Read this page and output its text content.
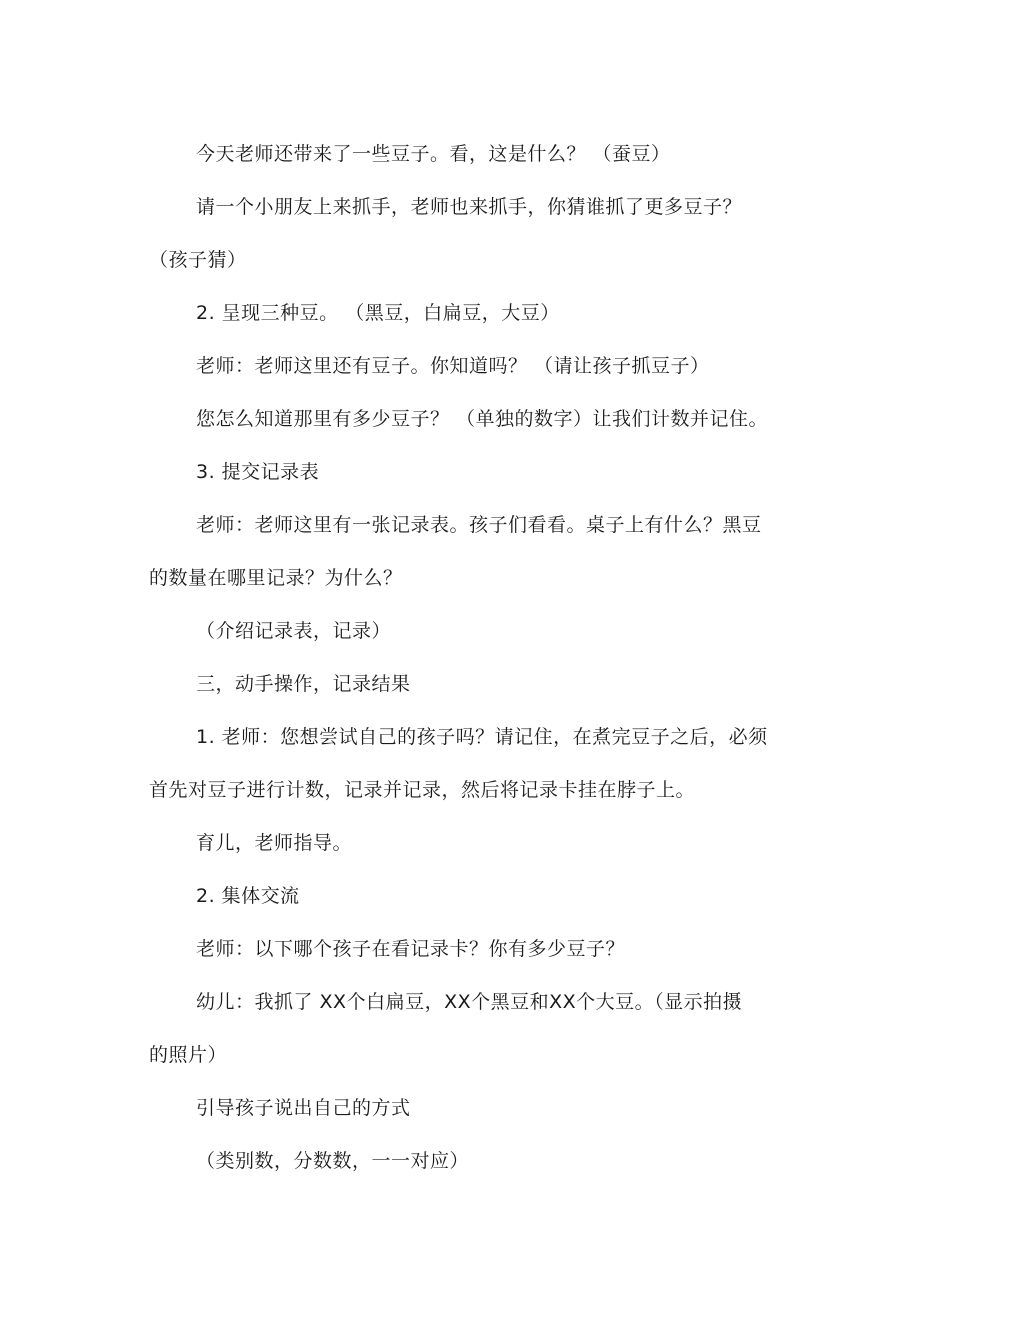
今天老师还带来了一些豆子。看，这是什么？ （蚕豆）
请一个小朋友上来抓手，老师也来抓手，你猜谁抓了更多豆子？
（孩子猜）
2. 呈现三种豆。 （黑豆，白扁豆，大豆）
老师：老师这里还有豆子。你知道吗？ （请让孩子抓豆子）
您怎么知道那里有多少豆子？ （单独的数字）让我们计数并记住。
3. 提交记录表
老师：老师这里有一张记录表。孩子们看看。桌子上有什么？黑豆
的数量在哪里记录？为什么？
（介绍记录表，记录）
三，动手操作，记录结果
1. 老师：您想尝试自己的孩子吗？请记住，在煮完豆子之后，必须
首先对豆子进行计数，记录并记录，然后将记录卡挂在脖子上。
育儿，老师指导。
2. 集体交流
老师：以下哪个孩子在看记录卡？你有多少豆子？
幼儿：我抓了 XX个白扁豆，XX个黑豆和XX个大豆。（显示拍摄
的照片）
引导孩子说出自己的方式
（类别数，分数数，一一对应）
